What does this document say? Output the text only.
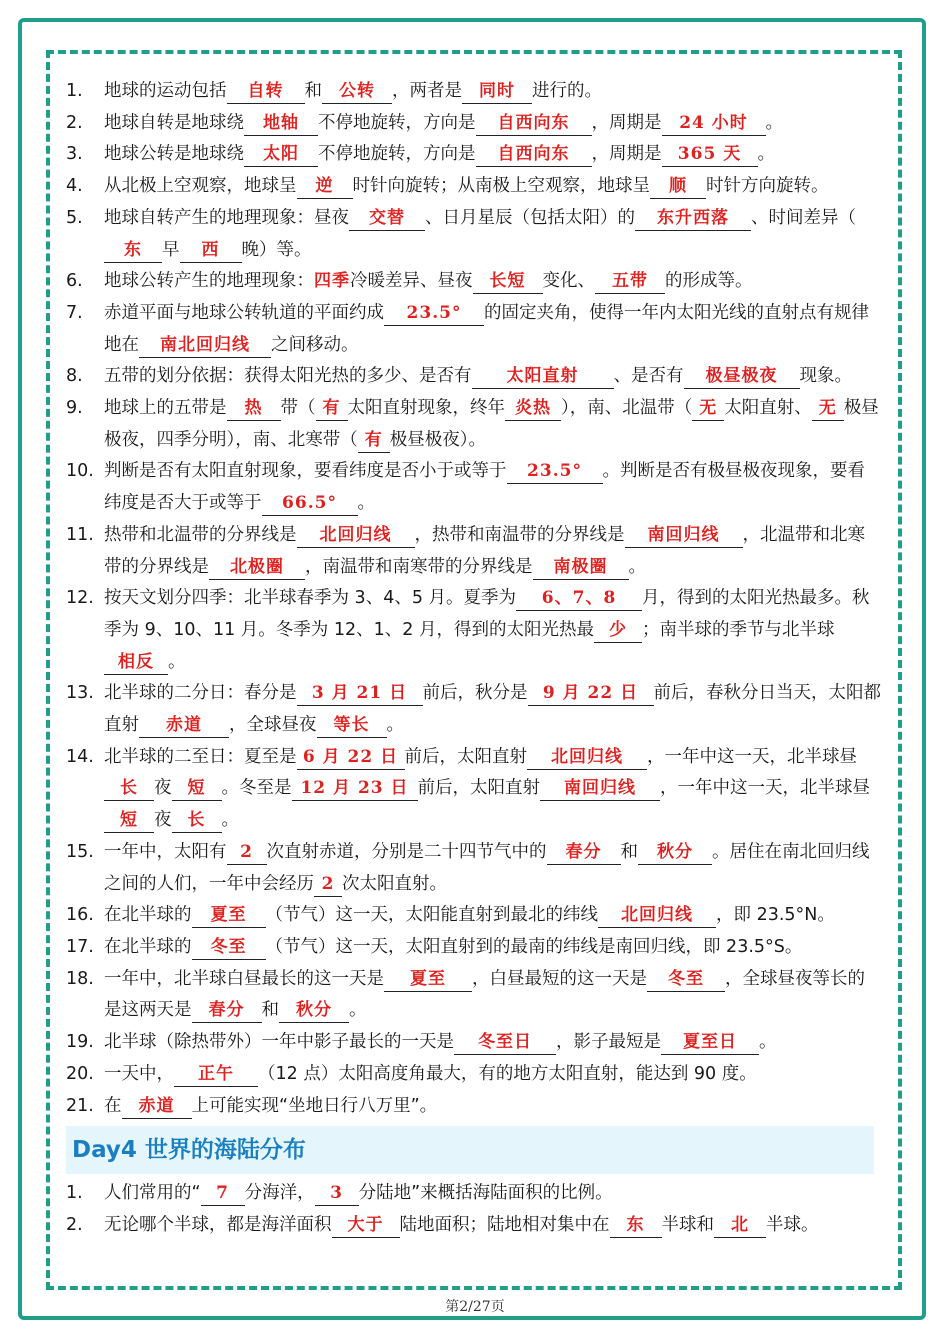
1.	地球的运动包括 自转 和 公转 ，两者是 同时 进行的。
2.	地球自转是地球绕 地轴 不停地旋转，方向是 自西向东 ，周期是 24 小时 。
3.	地球公转是地球绕 太阳 不停地旋转，方向是 自西向东 ，周期是 365 天 。
4.	从北极上空观察，地球呈 逆 时针向旋转；从南极上空观察，地球呈 顺 时针方向旋转。
5.	地球自转产生的地理现象：昼夜 交替 、日月星辰（包括太阳）的 东升西落 、时间差异（东 早 西 晚）等。
6.	地球公转产生的地理现象：四季冷暖差异、昼夜 长短 变化、 五带 的形成等。
7.	赤道平面与地球公转轨道的平面约成 23.5° 的固定夹角，使得一年内太阳光线的直射点有规律地在 南北回归线 之间移动。
8.	五带的划分依据：获得太阳光热的多少、是否有 太阳直射 、是否有 极昼极夜 现象。
9.	地球上的五带是 热 带（ 有 太阳直射现象，终年 炎热 ），南、北温带（ 无 太阳直射、 无 极昼极夜，四季分明），南、北寒带（ 有 极昼极夜）。
10. 判断是否有太阳直射现象，要看纬度是否小于或等于 23.5° 。判断是否有极昼极夜现象，要看纬度是否大于或等于 66.5° 。
11. 热带和北温带的分界线是 北回归线 ，热带和南温带的分界线是 南回归线 ，北温带和北寒带的分界线是 北极圈 ，南温带和南寒带的分界线是 南极圈 。
12. 按天文划分四季：北半球春季为 3、4、5 月。夏季为 6、7、8 月，得到的太阳光热最多。秋季为 9、10、11 月。冬季为 12、1、2 月，得到的太阳光热最 少 ；南半球的季节与北半球相反 。
13. 北半球的二分日：春分是 3 月 21 日 前后，秋分是 9 月 22 日 前后，春秋分日当天，太阳都直射 赤道 ，全球昼夜 等长 。
14. 北半球的二至日：夏至是 6 月 22 日 前后，太阳直射 北回归线 ，一年中这一天，北半球昼长 夜 短 。冬至是 12 月 23 日 前后，太阳直射 南回归线 ，一年中这一天，北半球昼短 夜 长 。
15. 一年中，太阳有 2 次直射赤道，分别是二十四节气中的 春分 和 秋分 。居住在南北回归线之间的人们，一年中会经历 2 次太阳直射。
16. 在北半球的 夏至 （节气）这一天，太阳能直射到最北的纬线 北回归线 ，即 23.5°N。
17. 在北半球的 冬至 （节气）这一天，太阳直射到的最南的纬线是南回归线，即 23.5°S。
18. 一年中，北半球白昼最长的这一天是 夏至 ，白昼最短的这一天是 冬至 ，全球昼夜等长的是这两天是 春分 和 秋分 。
19. 北半球（除热带外）一年中影子最长的一天是 冬至日 ，影子最短是 夏至日 。
20. 一天中， 正午 （12 点）太阳高度角最大，有的地方太阳直射，能达到 90 度。
21. 在 赤道 上可能实现“坐地日行八万里”。
Day4 世界的海陆分布
1.	人们常用的“ 7 分海洋， 3 分陆地”来概括海陆面积的比例。
2.	无论哪个半球，都是海洋面积 大于 陆地面积；陆地相对集中在 东 半球和 北 半球。
第2/27页
